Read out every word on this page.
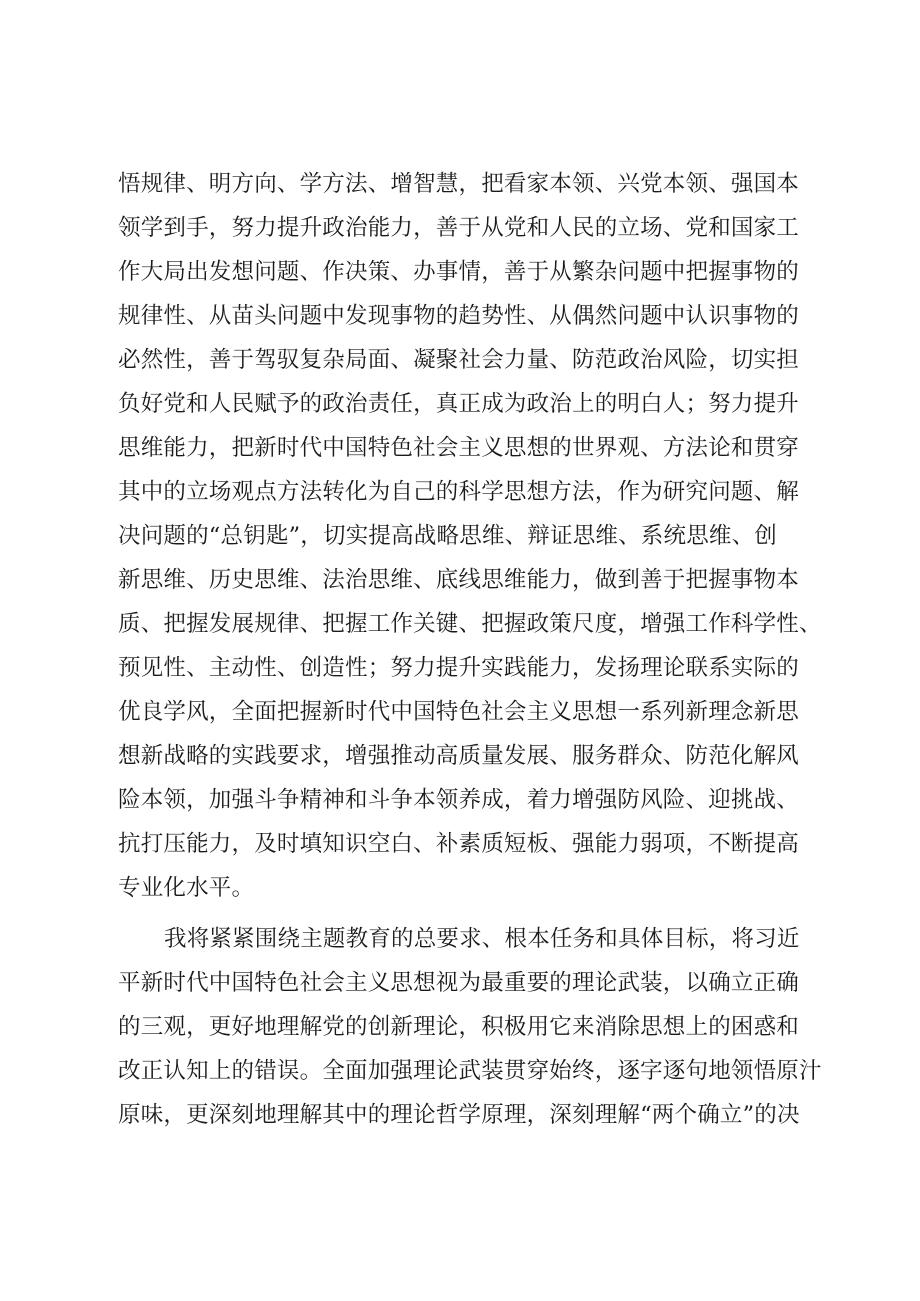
悟规律、明方向、学方法、增智慧，把看家本领、兴党本领、强国本
领学到手，努力提升政治能力，善于从党和人民的立场、党和国家工
作大局出发想问题、作决策、办事情，善于从繁杂问题中把握事物的
规律性、从苗头问题中发现事物的趋势性、从偶然问题中认识事物的
必然性，善于驾驭复杂局面、凝聚社会力量、防范政治风险，切实担
负好党和人民赋予的政治责任，真正成为政治上的明白人；努力提升
思维能力，把新时代中国特色社会主义思想的世界观、方法论和贯穿
其中的立场观点方法转化为自己的科学思想方法，作为研究问题、解
决问题的“总钥匙”，切实提高战略思维、辩证思维、系统思维、创
新思维、历史思维、法治思维、底线思维能力，做到善于把握事物本
质、把握发展规律、把握工作关键、把握政策尺度，增强工作科学性、
预见性、主动性、创造性；努力提升实践能力，发扬理论联系实际的
优良学风，全面把握新时代中国特色社会主义思想一系列新理念新思
想新战略的实践要求，增强推动高质量发展、服务群众、防范化解风
险本领，加强斗争精神和斗争本领养成，着力增强防风险、迎挑战、
抗打压能力，及时填知识空白、补素质短板、强能力弱项，不断提高
专业化水平。
我将紧紧围绕主题教育的总要求、根本任务和具体目标，将习近
平新时代中国特色社会主义思想视为最重要的理论武装，以确立正确
的三观，更好地理解党的创新理论，积极用它来消除思想上的困惑和
改正认知上的错误。全面加强理论武装贯穿始终，逐字逐句地领悟原汁
原味，更深刻地理解其中的理论哲学原理，深刻理解“两个确立”的决
